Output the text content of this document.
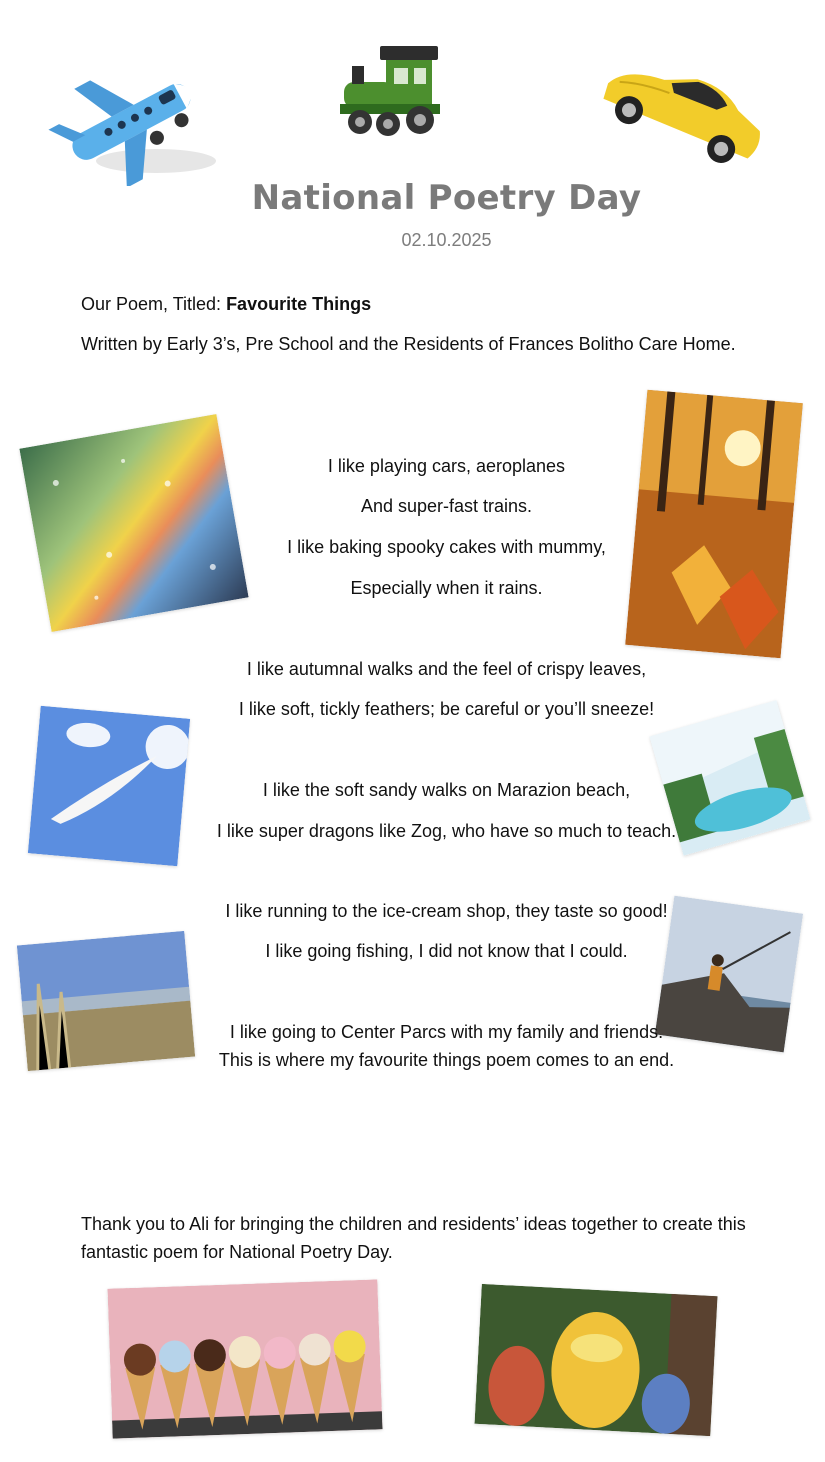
National Poetry Day
02.10.2025
Our Poem, Titled: Favourite Things
Written by Early 3’s, Pre School and the Residents of Frances Bolitho Care Home.
I like playing cars, aeroplanes
And super-fast trains.
I like baking spooky cakes with mummy,
Especially when it rains.
I like autumnal walks and the feel of crispy leaves,
I like soft, tickly feathers; be careful or you’ll sneeze!
I like the soft sandy walks on Marazion beach,
I like super dragons like Zog, who have so much to teach.
I like running to the ice-cream shop, they taste so good!
I like going fishing, I did not know that I could.
I like going to Center Parcs with my family and friends.
This is where my favourite things poem comes to an end.
Thank you to Ali for bringing the children and residents’ ideas together to create this fantastic poem for National Poetry Day.
